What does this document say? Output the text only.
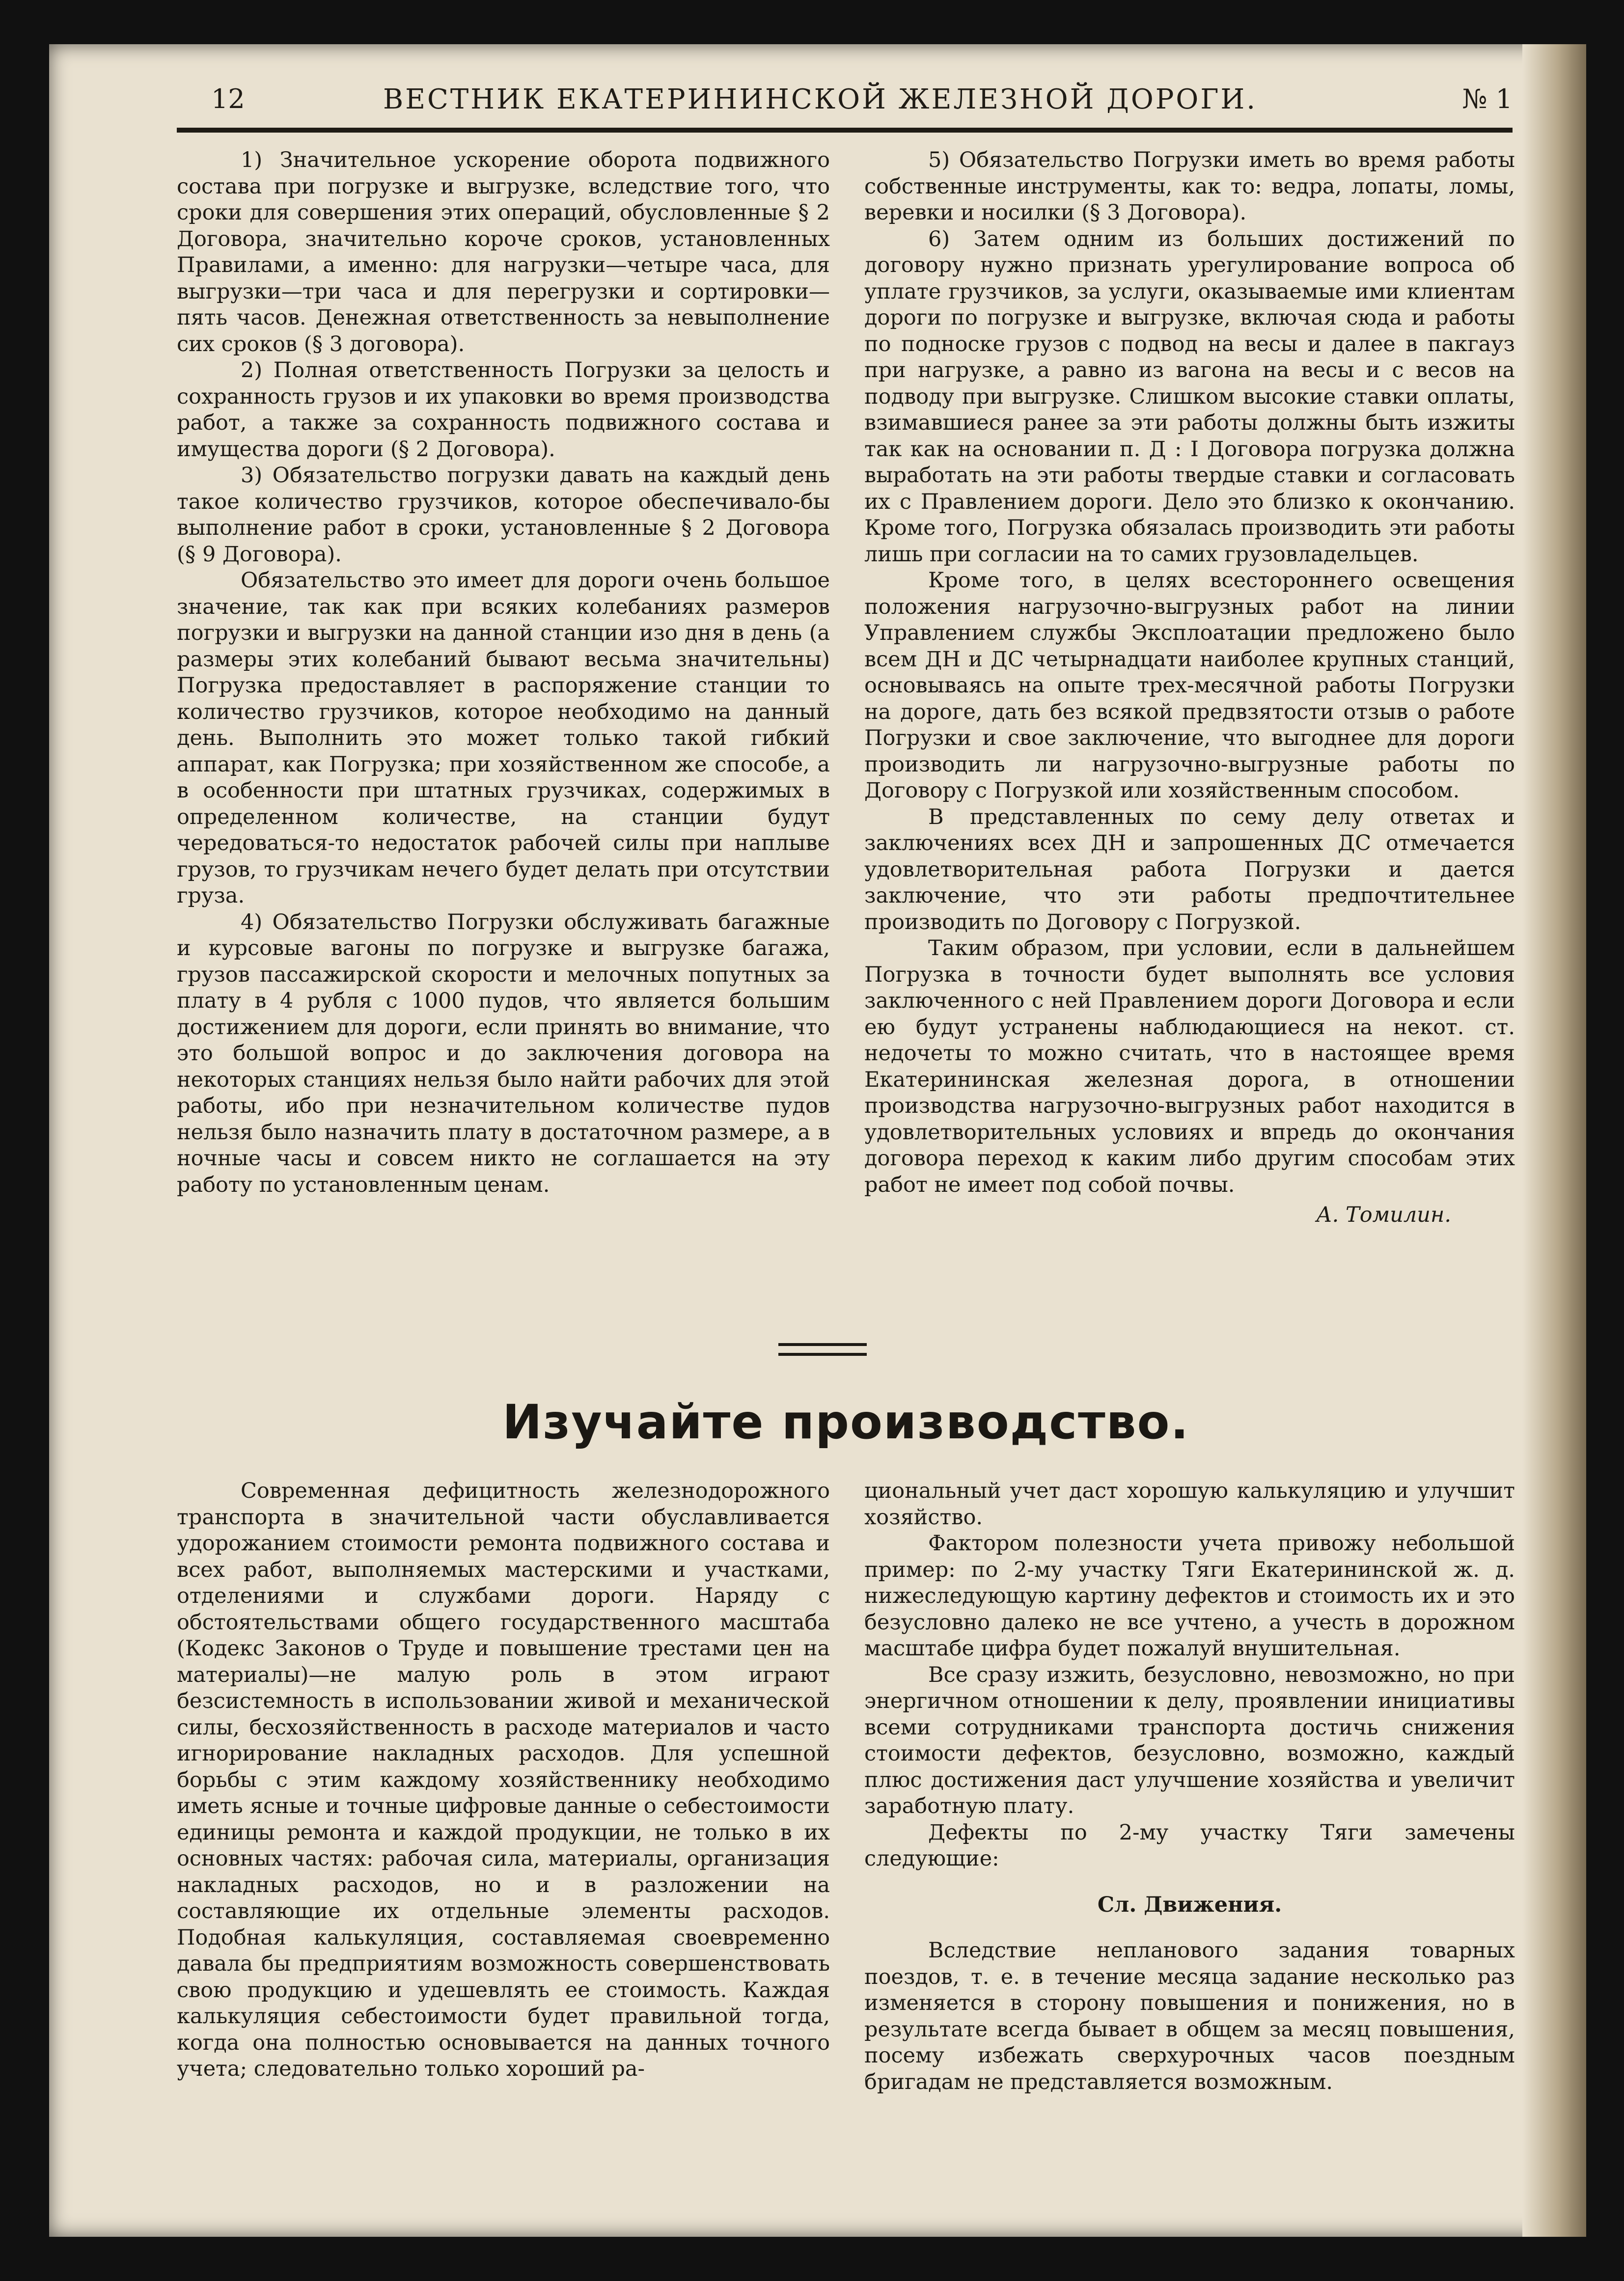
12	ВЕСТНИК ЕКАТЕРИНИНСКОЙ ЖЕЛЕЗНОЙ ДОРОГИ.	№ 1

1) Значительное ускорение оборота подвижного состава при погрузке и выгрузке, вследствие того, что сроки для совершения этих операций, обусловленные § 2 Договора, значительно короче сроков, установленных Правилами, а именно: для нагрузки—четыре часа, для выгрузки—три часа и для перегрузки и сортировки—пять часов. Денежная ответственность за невыполнение сих сроков (§ 3 договора).

2) Полная ответственность Погрузки за целость и сохранность грузов и их упаковки во время производства работ, а также за сохранность подвижного состава и имущества дороги (§ 2 Договора).

3) Обязательство погрузки давать на каждый день такое количество грузчиков, которое обеспечивало-бы выполнение работ в сроки, установленные § 2 Договора (§ 9 Договора).

Обязательство это имеет для дороги очень большое значение, так как при всяких колебаниях размеров погрузки и выгрузки на данной станции изо дня в день (а размеры этих колебаний бывают весьма значительны) Погрузка предоставляет в распоряжение станции то количество грузчиков, которое необходимо на данный день. Выполнить это может только такой гибкий аппарат, как Погрузка; при хозяйственном же способе, а в особенности при штатных грузчиках, содержимых в определенном количестве, на станции будут чередоваться-то недостаток рабочей силы при наплыве грузов, то грузчикам нечего будет делать при отсутствии груза.

4) Обязательство Погрузки обслуживать багажные и курсовые вагоны по погрузке и выгрузке багажа, грузов пассажирской скорости и мелочных попутных за плату в 4 рубля с 1000 пудов, что является большим достижением для дороги, если принять во внимание, что это большой вопрос и до заключения договора на некоторых станциях нельзя было найти рабочих для этой работы, ибо при незначительном количестве пудов нельзя было назначить плату в достаточном размере, а в ночные часы и совсем никто не соглашается на эту работу по установленным ценам.

5) Обязательство Погрузки иметь во время работы собственные инструменты, как то: ведра, лопаты, ломы, веревки и носилки (§ 3 Договора).

6) Затем одним из больших достижений по договору нужно признать урегулирование вопроса об уплате грузчиков, за услуги, оказываемые ими клиентам дороги по погрузке и выгрузке, включая сюда и работы по подноске грузов с подвод на весы и далее в пакгауз при нагрузке, а равно из вагона на весы и с весов на подводу при выгрузке. Слишком высокие ставки оплаты, взимавшиеся ранее за эти работы должны быть изжиты так как на основании п. Д : I Договора погрузка должна выработать на эти работы твердые ставки и согласовать их с Правлением дороги. Дело это близко к окончанию. Кроме того, Погрузка обязалась производить эти работы лишь при согласии на то самих грузовладельцев.

Кроме того, в целях всестороннего освещения положения нагрузочно-выгрузных работ на линии Управлением службы Эксплоатации предложено было всем ДН и ДС четырнадцати наиболее крупных станций, основываясь на опыте трех-месячной работы Погрузки на дороге, дать без всякой предвзятости отзыв о работе Погрузки и свое заключение, что выгоднее для дороги производить ли нагрузочно-выгрузные работы по Договору с Погрузкой или хозяйственным способом.

В представленных по сему делу ответах и заключениях всех ДН и запрошенных ДС отмечается удовлетворительная работа Погрузки и дается заключение, что эти работы предпочтительнее производить по Договору с Погрузкой.

Таким образом, при условии, если в дальнейшем Погрузка в точности будет выполнять все условия заключенного с ней Правлением дороги Договора и если ею будут устранены наблюдающиеся на некот. ст. недочеты то можно считать, что в настоящее время Екатерининская железная дорога, в отношении производства нагрузочно-выгрузных работ находится в удовлетворительных условиях и впредь до окончания договора переход к каким либо другим способам этих работ не имеет под собой почвы.

А. Томилин.

Изучайте производство.

Современная дефицитность железнодорожного транспорта в значительной части обуславливается удорожанием стоимости ремонта подвижного состава и всех работ, выполняемых мастерскими и участками, отделениями и службами дороги. Наряду с обстоятельствами общего государственного масштаба (Кодекс Законов о Труде и повышение трестами цен на материалы)—не малую роль в этом играют безсистемность в использовании живой и механической силы, бесхозяйственность в расходе материалов и часто игнорирование накладных расходов. Для успешной борьбы с этим каждому хозяйственнику необходимо иметь ясные и точные цифровые данные о себестоимости единицы ремонта и каждой продукции, не только в их основных частях: рабочая сила, материалы, организация накладных расходов, но и в разложении на составляющие их отдельные элементы расходов. Подобная калькуляция, составляемая своевременно давала бы предприятиям возможность совершенствовать свою продукцию и удешевлять ее стоимость. Каждая калькуляция себестоимости будет правильной тогда, когда она полностью основывается на данных точного учета; следовательно только хороший ра-

циональный учет даст хорошую калькуляцию и улучшит хозяйство.

Фактором полезности учета привожу небольшой пример: по 2-му участку Тяги Екатерининской ж. д. нижеследующую картину дефектов и стоимость их и это безусловно далеко не все учтено, а учесть в дорожном масштабе цифра будет пожалуй внушительная.

Все сразу изжить, безусловно, невозможно, но при энергичном отношении к делу, проявлении инициативы всеми сотрудниками транспорта достичь снижения стоимости дефектов, безусловно, возможно, каждый плюс достижения даст улучшение хозяйства и увеличит заработную плату.

Дефекты по 2-му участку Тяги замечены следующие:

Сл. Движения.

Вследствие непланового задания товарных поездов, т. е. в течение месяца задание несколько раз изменяется в сторону повышения и понижения, но в результате всегда бывает в общем за месяц повышения, посему избежать сверхурочных часов поездным бригадам не представляется возможным.
